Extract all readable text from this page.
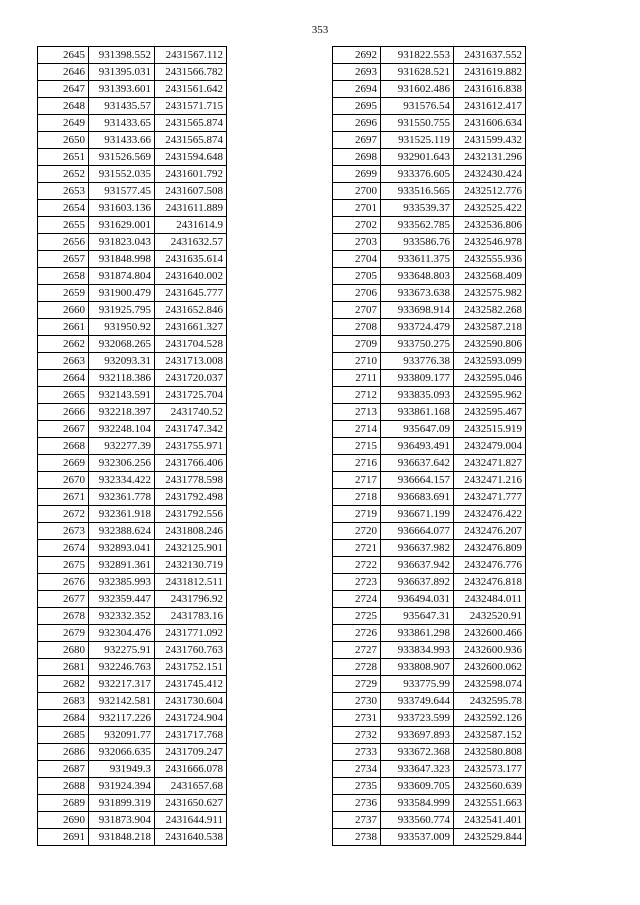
353
2645	931398.552	2431567.112
2646	931395.031	2431566.782
2647	931393.601	2431561.642
2648	931435.57	2431571.715
2649	931433.65	2431565.874
2650	931433.66	2431565.874
2651	931526.569	2431594.648
2652	931552.035	2431601.792
2653	931577.45	2431607.508
2654	931603.136	2431611.889
2655	931629.001	2431614.9
2656	931823.043	2431632.57
2657	931848.998	2431635.614
2658	931874.804	2431640.002
2659	931900.479	2431645.777
2660	931925.795	2431652.846
2661	931950.92	2431661.327
2662	932068.265	2431704.528
2663	932093.31	2431713.008
2664	932118.386	2431720.037
2665	932143.591	2431725.704
2666	932218.397	2431740.52
2667	932248.104	2431747.342
2668	932277.39	2431755.971
2669	932306.256	2431766.406
2670	932334.422	2431778.598
2671	932361.778	2431792.498
2672	932361.918	2431792.556
2673	932388.624	2431808.246
2674	932893.041	2432125.901
2675	932891.361	2432130.719
2676	932385.993	2431812.511
2677	932359.447	2431796.92
2678	932332.352	2431783.16
2679	932304.476	2431771.092
2680	932275.91	2431760.763
2681	932246.763	2431752.151
2682	932217.317	2431745.412
2683	932142.581	2431730.604
2684	932117.226	2431724.904
2685	932091.77	2431717.768
2686	932066.635	2431709.247
2687	931949.3	2431666.078
2688	931924.394	2431657.68
2689	931899.319	2431650.627
2690	931873.904	2431644.911
2691	931848.218	2431640.538
2692	931822.553	2431637.552
2693	931628.521	2431619.882
2694	931602.486	2431616.838
2695	931576.54	2431612.417
2696	931550.755	2431606.634
2697	931525.119	2431599.432
2698	932901.643	2432131.296
2699	933376.605	2432430.424
2700	933516.565	2432512.776
2701	933539.37	2432525.422
2702	933562.785	2432536.806
2703	933586.76	2432546.978
2704	933611.375	2432555.936
2705	933648.803	2432568.409
2706	933673.638	2432575.982
2707	933698.914	2432582.268
2708	933724.479	2432587.218
2709	933750.275	2432590.806
2710	933776.38	2432593.099
2711	933809.177	2432595.046
2712	933835.093	2432595.962
2713	933861.168	2432595.467
2714	935647.09	2432515.919
2715	936493.491	2432479.004
2716	936637.642	2432471.827
2717	936664.157	2432471.216
2718	936683.691	2432471.777
2719	936671.199	2432476.422
2720	936664.077	2432476.207
2721	936637.982	2432476.809
2722	936637.942	2432476.776
2723	936637.892	2432476.818
2724	936494.031	2432484.011
2725	935647.31	2432520.91
2726	933861.298	2432600.466
2727	933834.993	2432600.936
2728	933808.907	2432600.062
2729	933775.99	2432598.074
2730	933749.644	2432595.78
2731	933723.599	2432592.126
2732	933697.893	2432587.152
2733	933672.368	2432580.808
2734	933647.323	2432573.177
2735	933609.705	2432560.639
2736	933584.999	2432551.663
2737	933560.774	2432541.401
2738	933537.009	2432529.844
